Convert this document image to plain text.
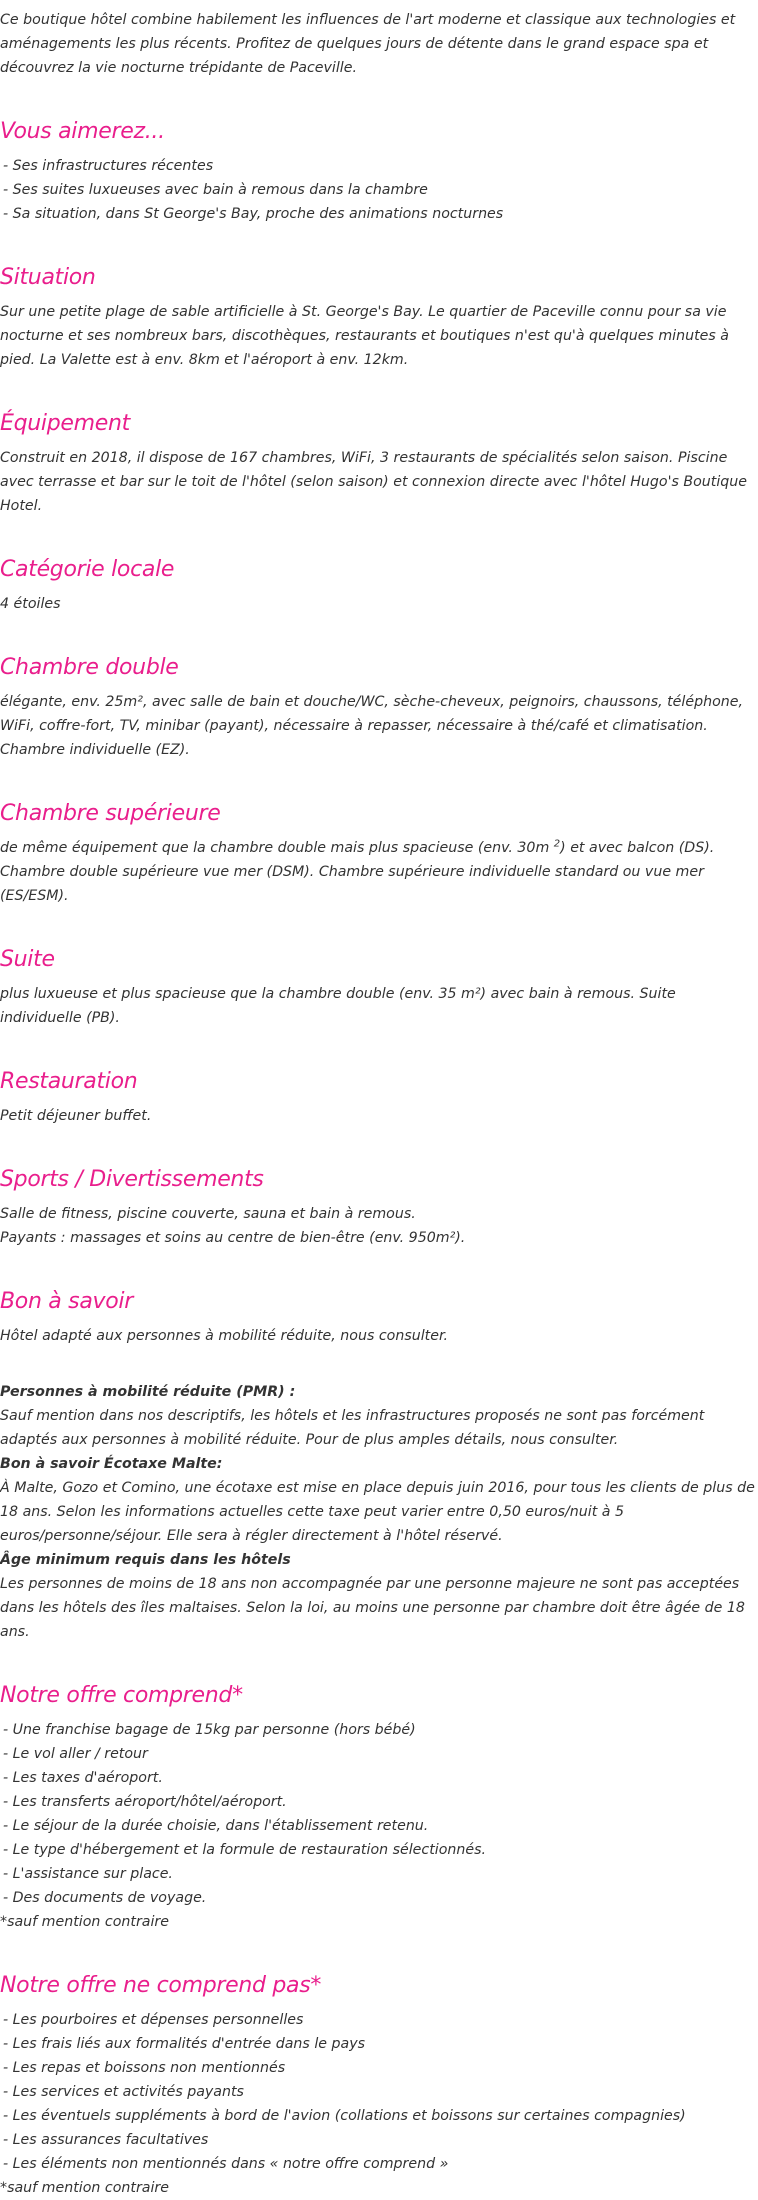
Ce boutique hôtel combine habilement les influences de l'art moderne et classique aux technologies et aménagements les plus récents. Profitez de quelques jours de détente dans le grand espace spa et découvrez la vie nocturne trépidante de Paceville.

Vous aimerez...
- Ses infrastructures récentes
- Ses suites luxueuses avec bain à remous dans la chambre
- Sa situation, dans St George's Bay, proche des animations nocturnes
Situation

Sur une petite plage de sable artificielle à St. George's Bay. Le quartier de Paceville connu pour sa vie nocturne et ses nombreux bars, discothèques, restaurants et boutiques n'est qu'à quelques minutes à pied. La Valette est à env. 8km et l'aéroport à env. 12km.

Équipement

Construit en 2018, il dispose de 167 chambres, WiFi, 3 restaurants de spécialités selon saison. Piscine avec terrasse et bar sur le toit de l'hôtel (selon saison) et connexion directe avec l'hôtel Hugo's Boutique Hotel.

Catégorie locale

4 étoiles

Chambre double

élégante, env. 25m², avec salle de bain et douche/WC, sèche-cheveux, peignoirs, chaussons, téléphone, WiFi, coffre-fort, TV, minibar (payant), nécessaire à repasser, nécessaire à thé/café et climatisation. Chambre individuelle (EZ).

Chambre supérieure

de même équipement que la chambre double mais plus spacieuse (env. 30m $^2$) et avec balcon (DS). Chambre double supérieure vue mer (DSM). Chambre supérieure individuelle standard ou vue mer (ES/ESM).

Suite

plus luxueuse et plus spacieuse que la chambre double (env. 35 m²) avec bain à remous. Suite individuelle (PB).

Restauration

Petit déjeuner buffet.

Sports / Divertissements
Salle de fitness, piscine couverte, sauna et bain à remous.
Payants : massages et soins au centre de bien-être (env. 950m²).
Bon à savoir

Hôtel adapté aux personnes à mobilité réduite, nous consulter.

Personnes à mobilité réduite (PMR) :
Sauf mention dans nos descriptifs, les hôtels et les infrastructures proposés ne sont pas forcément adaptés aux personnes à mobilité réduite. Pour de plus amples détails, nous consulter.
Bon à savoir Écotaxe Malte:
À Malte, Gozo et Comino, une écotaxe est mise en place depuis juin 2016, pour tous les clients de plus de 18 ans. Selon les informations actuelles cette taxe peut varier entre 0,50 euros/nuit à 5 euros/personne/séjour. Elle sera à régler directement à l'hôtel réservé.
Âge minimum requis dans les hôtels
Les personnes de moins de 18 ans non accompagnée par une personne majeure ne sont pas acceptées dans les hôtels des îles maltaises. Selon la loi, au moins une personne par chambre doit être âgée de 18 ans.

Notre offre comprend*
- Une franchise bagage de 15kg par personne (hors bébé)
- Le vol aller / retour
- Les taxes d'aéroport.
- Les transferts aéroport/hôtel/aéroport.
- Le séjour de la durée choisie, dans l'établissement retenu.
- Le type d'hébergement et la formule de restauration sélectionnés.
- L'assistance sur place.
- Des documents de voyage.
*sauf mention contraire
Notre offre ne comprend pas*
- Les pourboires et dépenses personnelles
- Les frais liés aux formalités d'entrée dans le pays
- Les repas et boissons non mentionnés
- Les services et activités payants
- Les éventuels suppléments à bord de l'avion (collations et boissons sur certaines compagnies)
- Les assurances facultatives
- Les éléments non mentionnés dans « notre offre comprend »
*sauf mention contraire
